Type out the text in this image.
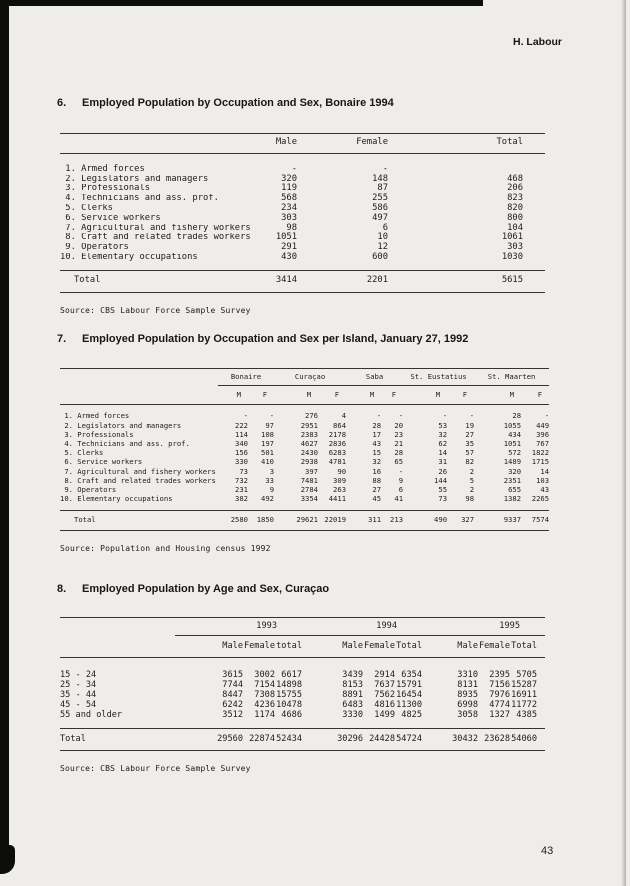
H. Labour
6.	Employed Population by Occupation and Sex, Bonaire 1994
	Male	Female	Total
1. Armed forces	-	-	
2. Legislators and managers	320	148	468
3. Professionals	119	87	206
4. Technicians and ass. prof.	568	255	823
5. Clerks	234	586	820
6. Service workers	303	497	800
7. Agricultural and fishery workers	98	6	104
8. Craft and related trades workers	1051	10	1061
9. Operators	291	12	303
10. Elementary occupations	430	600	1030
Total	3414	2201	5615

Source: CBS Labour Force Sample Survey

7.	Employed Population by Occupation and Sex per Island, January 27, 1992
	Bonaire		Curaçao		Saba		St. Eustatius		St. Maarten	
	M	F	M	F	M	F	M	F	M	F
1. Armed forces	-	-	276	4	-	-	-	-	28	-
2. Legislators and managers	222	97	2951	864	28	20	53	19	1055	449
3. Professionals	114	108	2383	2178	17	23	32	27	434	396
4. Technicians and ass. prof.	340	197	4627	2836	43	21	62	35	1051	767
5. Clerks	156	501	2430	6283	15	28	14	57	572	1822
6. Service workers	330	410	2938	4781	32	65	31	82	1489	1715
7. Agricultural and fishery workers	73	3	397	90	16	-	26	2	320	14
8. Craft and related trades workers	732	33	7481	309	88	9	144	5	2351	103
9. Operators	231	9	2784	263	27	6	55	2	655	43
10. Elementary occupations	382	492	3354	4411	45	41	73	98	1382	2265
Total	2580	1850	29621	22019	311	213	490	327	9337	7574

Source: Population and Housing census 1992

8.	Employed Population by Age and Sex, Curaçao
	1993			1994			1995		
	Male	Female	total	Male	Female	Total	Male	Female	Total
15 - 24	3615	3002	6617	3439	2914	6354	3310	2395	5705
25 - 34	7744	7154	14898	8153	7637	15791	8131	7156	15287
35 - 44	8447	7308	15755	8891	7562	16454	8935	7976	16911
45 - 54	6242	4236	10478	6483	4816	11300	6998	4774	11772
55 and older	3512	1174	4686	3330	1499	4825	3058	1327	4385
Total	29560	22874	52434	30296	24428	54724	30432	23628	54060

Source: CBS Labour Force Sample Survey

43
